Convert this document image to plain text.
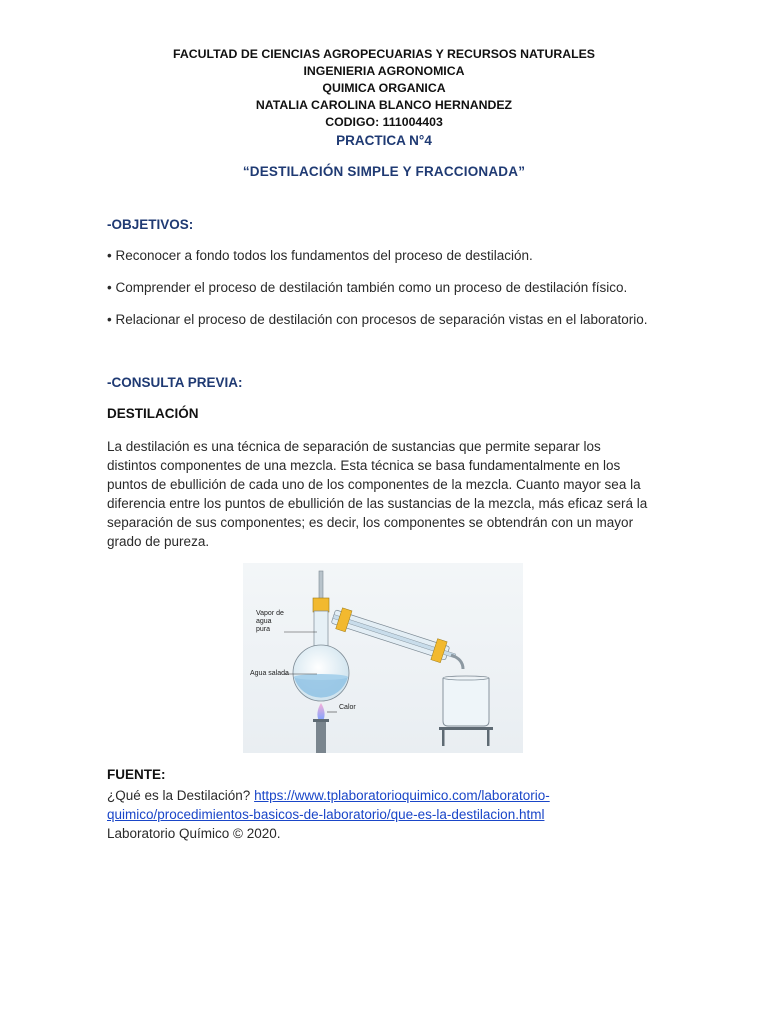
FACULTAD DE CIENCIAS AGROPECUARIAS Y RECURSOS NATURALES
INGENIERIA AGRONOMICA
QUIMICA ORGANICA
NATALIA CAROLINA BLANCO HERNANDEZ
CODIGO: 111004403
PRACTICA N°4
“DESTILACIÓN SIMPLE Y FRACCIONADA”
-OBJETIVOS:
• Reconocer a fondo todos los fundamentos del proceso de destilación.
• Comprender el proceso de destilación también como un proceso de destilación físico.
• Relacionar el proceso de destilación con procesos de separación vistas en el laboratorio.
-CONSULTA PREVIA:
DESTILACIÓN
La destilación es una técnica de separación de sustancias que permite separar los
distintos componentes de una mezcla. Esta técnica se basa fundamentalmente en los
puntos de ebullición de cada uno de los componentes de la mezcla. Cuanto mayor sea la
diferencia entre los puntos de ebullición de las sustancias de la mezcla, más eficaz será la
separación de sus componentes; es decir, los componentes se obtendrán con un mayor
grado de pureza.
Vapor de
agua
pura
Agua salada
Calor
FUENTE:
¿Qué es la Destilación? https://www.tplaboratorioquimico.com/laboratorio-
quimico/procedimientos-basicos-de-laboratorio/que-es-la-destilacion.html
Laboratorio Químico © 2020.
